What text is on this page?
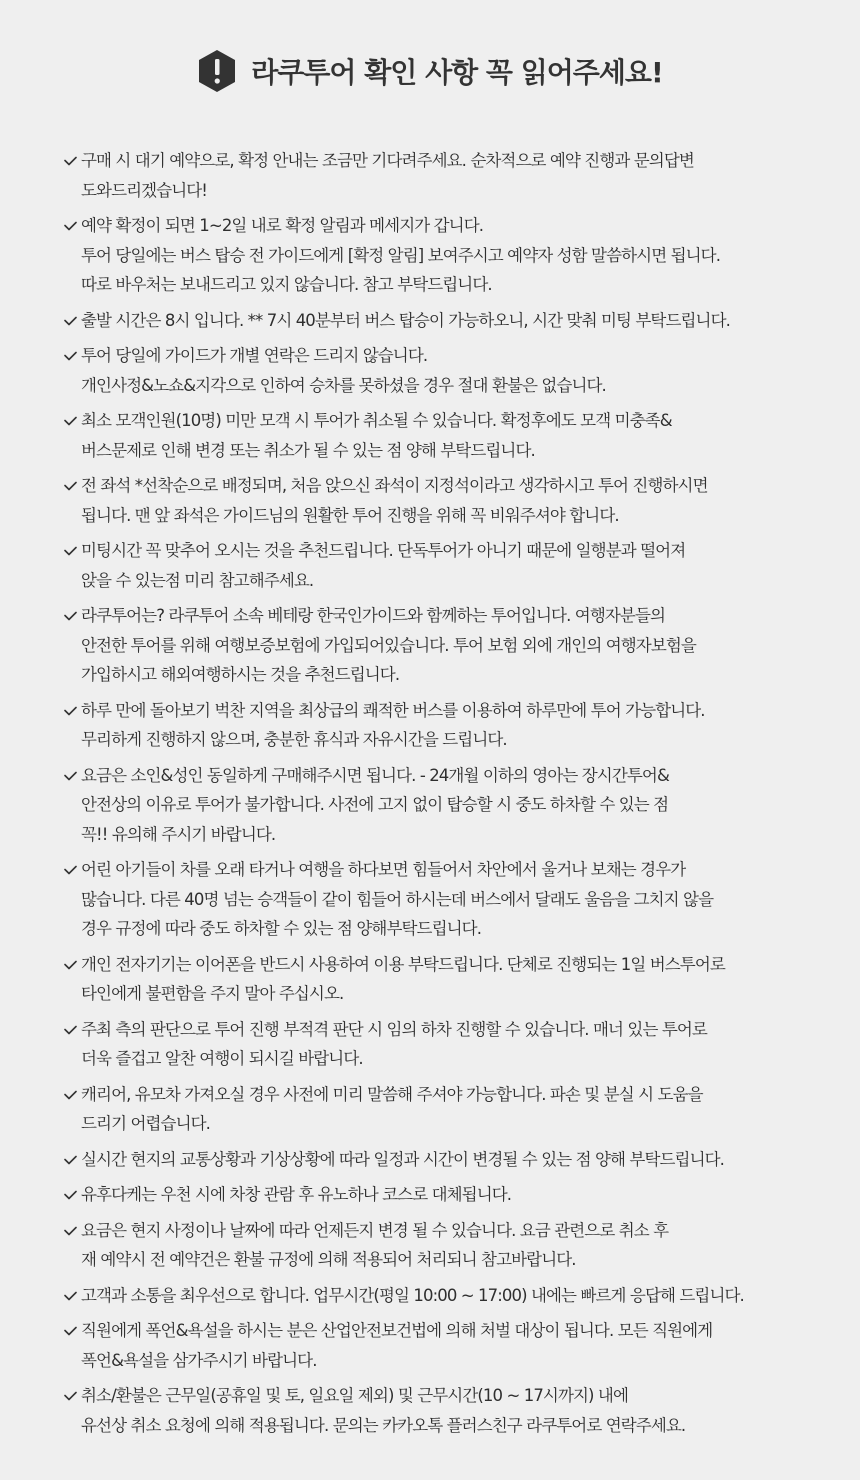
라쿠투어 확인 사항 꼭 읽어주세요!
구매 시 대기 예약으로, 확정 안내는 조금만 기다려주세요. 순차적으로 예약 진행과 문의답변
도와드리겠습니다!
예약 확정이 되면 1~2일 내로 확정 알림과 메세지가 갑니다.
투어 당일에는 버스 탑승 전 가이드에게 [확정 알림] 보여주시고 예약자 성함 말씀하시면 됩니다.
따로 바우처는 보내드리고 있지 않습니다. 참고 부탁드립니다.
출발 시간은 8시 입니다. ** 7시 40분부터 버스 탑승이 가능하오니, 시간 맞춰 미팅 부탁드립니다.
투어 당일에 가이드가 개별 연락은 드리지 않습니다.
개인사정&노쇼&지각으로 인하여 승차를 못하셨을 경우 절대 환불은 없습니다.
최소 모객인원(10명) 미만 모객 시 투어가 취소될 수 있습니다. 확정후에도 모객 미충족&
버스문제로 인해 변경 또는 취소가 될 수 있는 점 양해 부탁드립니다.
전 좌석 *선착순으로 배정되며, 처음 앉으신 좌석이 지정석이라고 생각하시고 투어 진행하시면
됩니다. 맨 앞 좌석은 가이드님의 원활한 투어 진행을 위해 꼭 비워주셔야 합니다.
미팅시간 꼭 맞추어 오시는 것을 추천드립니다. 단독투어가 아니기 때문에 일행분과 떨어져
앉을 수 있는점 미리 참고해주세요.
라쿠투어는? 라쿠투어 소속 베테랑 한국인가이드와 함께하는 투어입니다. 여행자분들의
안전한 투어를 위해 여행보증보험에 가입되어있습니다. 투어 보험 외에 개인의 여행자보험을
가입하시고 해외여행하시는 것을 추천드립니다.
하루 만에 돌아보기 벅찬 지역을 최상급의 쾌적한 버스를 이용하여 하루만에 투어 가능합니다.
무리하게 진행하지 않으며, 충분한 휴식과 자유시간을 드립니다.
요금은 소인&성인 동일하게 구매해주시면 됩니다. - 24개월 이하의 영아는 장시간투어&
안전상의 이유로 투어가 불가합니다. 사전에 고지 없이 탑승할 시 중도 하차할 수 있는 점
꼭!! 유의해 주시기 바랍니다.
어린 아기들이 차를 오래 타거나 여행을 하다보면 힘들어서 차안에서 울거나 보채는 경우가
많습니다. 다른 40명 넘는 승객들이 같이 힘들어 하시는데 버스에서 달래도 울음을 그치지 않을
경우 규정에 따라 중도 하차할 수 있는 점 양해부탁드립니다.
개인 전자기기는 이어폰을 반드시 사용하여 이용 부탁드립니다. 단체로 진행되는 1일 버스투어로
타인에게 불편함을 주지 말아 주십시오.
주최 측의 판단으로 투어 진행 부적격 판단 시 임의 하차 진행할 수 있습니다. 매너 있는 투어로
더욱 즐겁고 알찬 여행이 되시길 바랍니다.
캐리어, 유모차 가져오실 경우 사전에 미리 말씀해 주셔야 가능합니다. 파손 및 분실 시 도움을
드리기 어렵습니다.
실시간 현지의 교통상황과 기상상황에 따라 일정과 시간이 변경될 수 있는 점 양해 부탁드립니다.
유후다케는 우천 시에 차창 관람 후 유노하나 코스로 대체됩니다.
요금은 현지 사정이나 날짜에 따라 언제든지 변경 될 수 있습니다. 요금 관련으로 취소 후
재 예약시 전 예약건은 환불 규정에 의해 적용되어 처리되니 참고바랍니다.
고객과 소통을 최우선으로 합니다. 업무시간(평일 10:00 ~ 17:00) 내에는 빠르게 응답해 드립니다.
직원에게 폭언&욕설을 하시는 분은 산업안전보건법에 의해 처벌 대상이 됩니다. 모든 직원에게
폭언&욕설을 삼가주시기 바랍니다.
취소/환불은 근무일(공휴일 및 토, 일요일 제외) 및 근무시간(10 ~ 17시까지) 내에
유선상 취소 요청에 의해 적용됩니다. 문의는 카카오톡 플러스친구 라쿠투어로 연락주세요.
